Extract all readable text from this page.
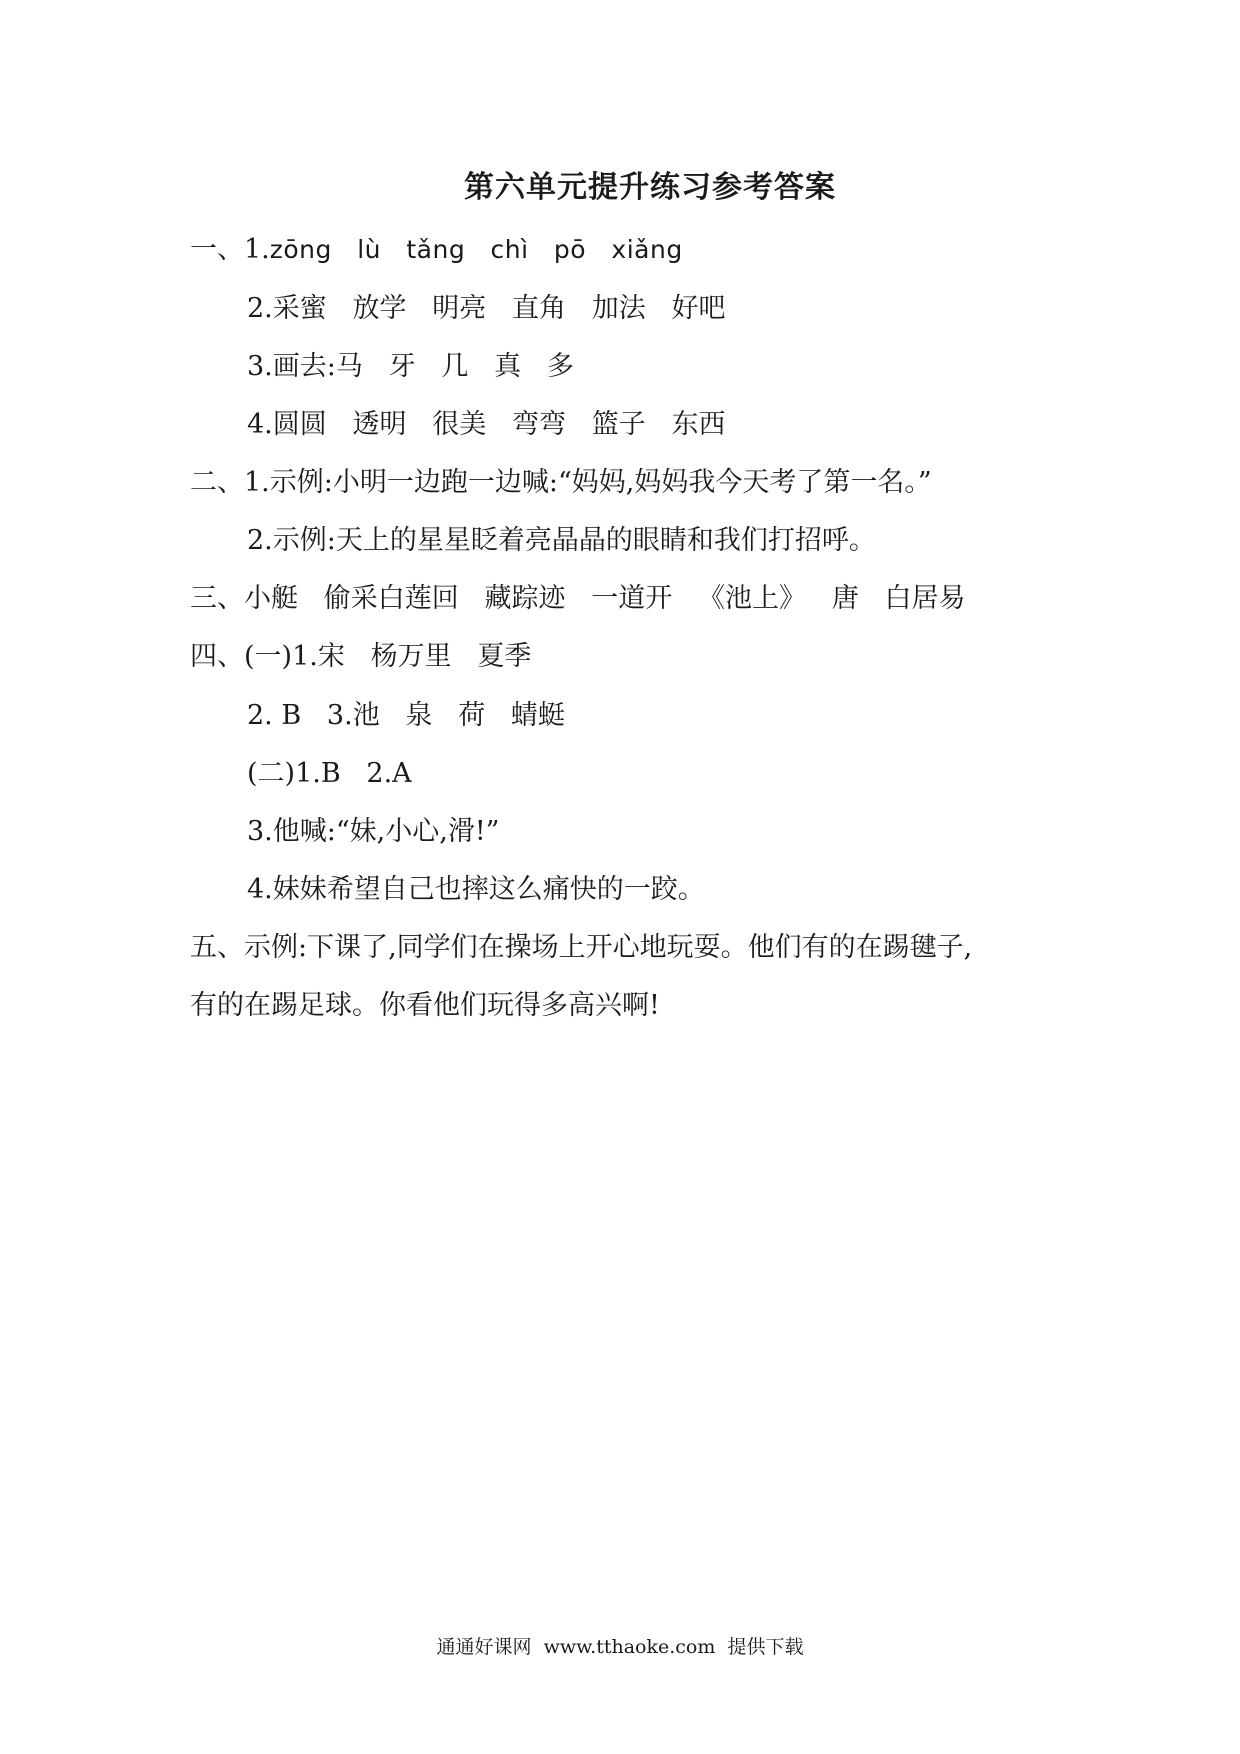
第六单元提升练习参考答案
一、1.zōng   lù   tǎng   chì   pō   xiǎng
2.采蜜   放学   明亮   直角   加法   好吧
3.画去:马   牙   几   真   多
4.圆圆   透明   很美   弯弯   篮子   东西
二、1.示例:小明一边跑一边喊:“妈妈,妈妈我今天考了第一名。”
2.示例:天上的星星眨着亮晶晶的眼睛和我们打招呼。
三、小艇   偷采白莲回   藏踪迹   一道开   《池上》   唐   白居易
四、(一)1.宋   杨万里   夏季
2. B   3.池   泉   荷   蜻蜓
(二)1.B   2.A
3.他喊:“妹,小心,滑!”
4.妹妹希望自己也摔这么痛快的一跤。
五、示例:下课了,同学们在操场上开心地玩耍。他们有的在踢毽子,
有的在踢足球。你看他们玩得多高兴啊!
通通好课网  www.tthaoke.com  提供下载
